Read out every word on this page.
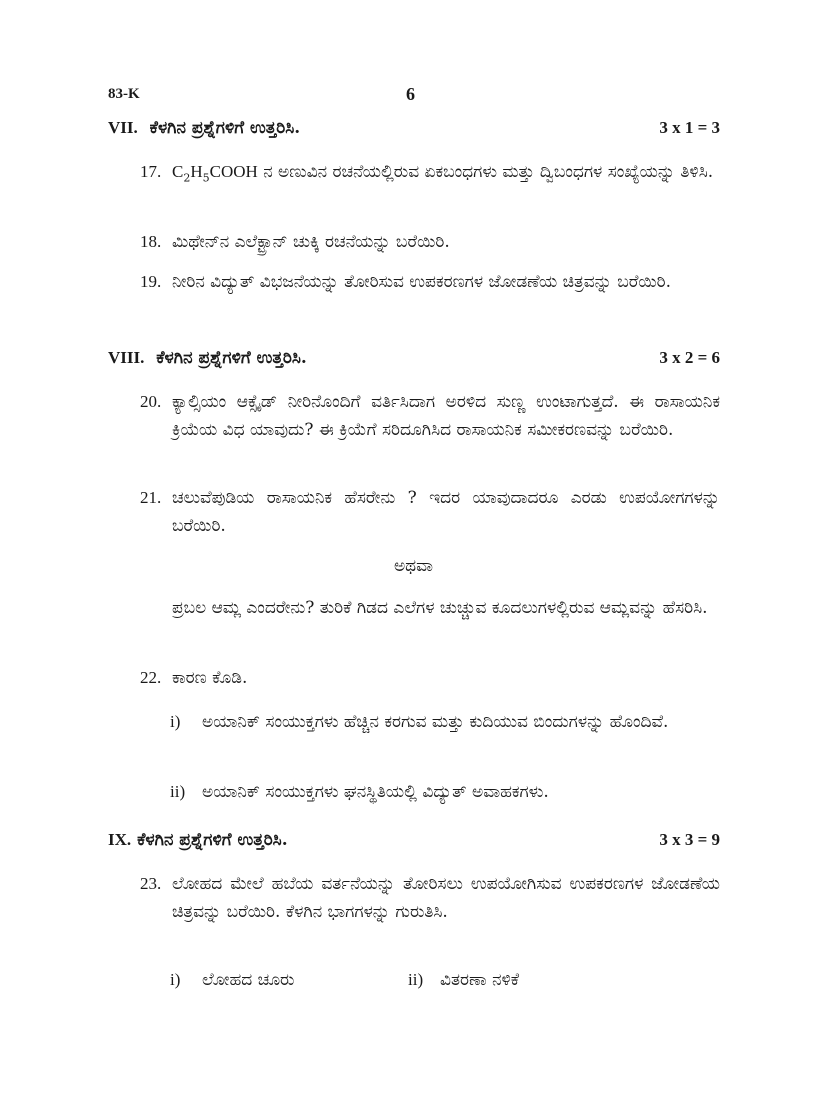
83-K	6
VII. ಕೆಳಗಿನ ಪ್ರಶ್ನೆಗಳಿಗೆ ಉತ್ತರಿಸಿ.	3 x 1 = 3
17. $C_2H_5COOH$ ನ ಅಣುವಿನ ರಚನೆಯಲ್ಲಿರುವ ಏಕಬಂಧಗಳು ಮತ್ತು ದ್ವಿಬಂಧಗಳ ಸಂಖ್ಯೆಯನ್ನು ತಿಳಿಸಿ.
18. ಮಿಥೇನ್‌ನ ಎಲೆಕ್ಟ್ರಾನ್ ಚುಕ್ಕಿ ರಚನೆಯನ್ನು ಬರೆಯಿರಿ.
19. ನೀರಿನ ವಿದ್ಯುತ್ ವಿಭಜನೆಯನ್ನು ತೋರಿಸುವ ಉಪಕರಣಗಳ ಜೋಡಣೆಯ ಚಿತ್ರವನ್ನು ಬರೆಯಿರಿ.
VIII. ಕೆಳಗಿನ ಪ್ರಶ್ನೆಗಳಿಗೆ ಉತ್ತರಿಸಿ.	3 x 2 = 6
20. ಕ್ಯಾಲ್ಸಿಯಂ ಆಕ್ಸೈಡ್ ನೀರಿನೊಂದಿಗೆ ವರ್ತಿಸಿದಾಗ ಅರಳಿದ ಸುಣ್ಣ ಉಂಟಾಗುತ್ತದೆ. ಈ ರಾಸಾಯನಿಕ ಕ್ರಿಯೆಯ ವಿಧ ಯಾವುದು? ಈ ಕ್ರಿಯೆಗೆ ಸರಿದೂಗಿಸಿದ ರಾಸಾಯನಿಕ ಸಮೀಕರಣವನ್ನು ಬರೆಯಿರಿ.
21. ಚಲುವೆಪುಡಿಯ ರಾಸಾಯನಿಕ ಹೆಸರೇನು ? ಇದರ ಯಾವುದಾದರೂ ಎರಡು ಉಪಯೋಗಗಳನ್ನು ಬರೆಯಿರಿ.
ಅಥವಾ
ಪ್ರಬಲ ಆಮ್ಲ ಎಂದರೇನು? ತುರಿಕೆ ಗಿಡದ ಎಲೆಗಳ ಚುಚ್ಚುವ ಕೂದಲುಗಳಲ್ಲಿರುವ ಆಮ್ಲವನ್ನು ಹೆಸರಿಸಿ.
22. ಕಾರಣ ಕೊಡಿ.
i)	ಅಯಾನಿಕ್ ಸಂಯುಕ್ತಗಳು ಹೆಚ್ಚಿನ ಕರಗುವ ಮತ್ತು ಕುದಿಯುವ ಬಿಂದುಗಳನ್ನು ಹೊಂದಿವೆ.
ii) ಅಯಾನಿಕ್ ಸಂಯುಕ್ತಗಳು ಘನಸ್ಥಿತಿಯಲ್ಲಿ ವಿದ್ಯುತ್ ಅವಾಹಕಗಳು.
IX. ಕೆಳಗಿನ ಪ್ರಶ್ನೆಗಳಿಗೆ ಉತ್ತರಿಸಿ.	3 x 3 = 9
23. ಲೋಹದ ಮೇಲೆ ಹಬೆಯ ವರ್ತನೆಯನ್ನು ತೋರಿಸಲು ಉಪಯೋಗಿಸುವ ಉಪಕರಣಗಳ ಜೋಡಣೆಯ ಚಿತ್ರವನ್ನು ಬರೆಯಿರಿ. ಕೆಳಗಿನ ಭಾಗಗಳನ್ನು ಗುರುತಿಸಿ.
i)	ಲೋಹದ ಚೂರು	ii) ವಿತರಣಾ ನಳಿಕೆ
